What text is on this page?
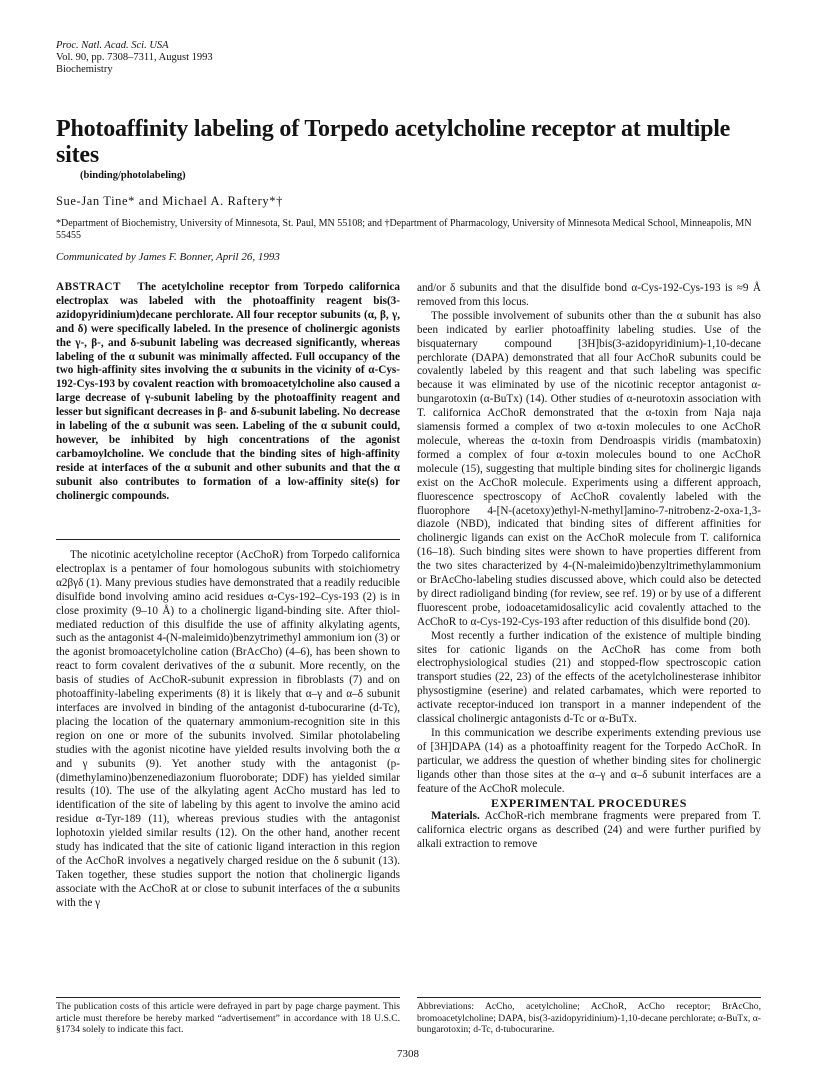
Proc. Natl. Acad. Sci. USA
Vol. 90, pp. 7308–7311, August 1993
Biochemistry
Photoaffinity labeling of Torpedo acetylcholine receptor at multiple sites
(binding/photolabeling)
Sue-Jan Tine* and Michael A. Raftery*†
*Department of Biochemistry, University of Minnesota, St. Paul, MN 55108; and †Department of Pharmacology, University of Minnesota Medical School, Minneapolis, MN 55455
Communicated by James F. Bonner, April 26, 1993

ABSTRACT The acetylcholine receptor from Torpedo californica electroplax was labeled with the photoaffinity reagent bis(3-azidopyridinium)decane perchlorate. All four receptor subunits (α, β, γ, and δ) were specifically labeled. In the presence of cholinergic agonists the γ-, β-, and δ-subunit labeling was decreased significantly, whereas labeling of the α subunit was minimally affected. Full occupancy of the two high-affinity sites involving the α subunits in the vicinity of α-Cys-192-Cys-193 by covalent reaction with bromoacetylcholine also caused a large decrease of γ-subunit labeling by the photoaffinity reagent and lesser but significant decreases in β- and δ-subunit labeling. No decrease in labeling of the α subunit was seen. Labeling of the α subunit could, however, be inhibited by high concentrations of the agonist carbamoylcholine. We conclude that the binding sites of high-affinity reside at interfaces of the α subunit and other subunits and that the α subunit also contributes to formation of a low-affinity site(s) for cholinergic compounds.

The nicotinic acetylcholine receptor (AcChoR) from Torpedo californica electroplax is a pentamer of four homologous subunits with stoichiometry α2βγδ (1). Many previous studies have demonstrated that a readily reducible disulfide bond involving amino acid residues α-Cys-192–Cys-193 (2) is in close proximity (9–10 Å) to a cholinergic ligand-binding site. After thiol-mediated reduction of this disulfide the use of affinity alkylating agents, such as the antagonist 4-(N-maleimido)benzytrimethyl ammonium ion (3) or the agonist bromoacetylcholine cation (BrAcCho) (4–6), has been shown to react to form covalent derivatives of the α subunit. More recently, on the basis of studies of AcChoR-subunit expression in fibroblasts (7) and on photoaffinity-labeling experiments (8) it is likely that α–γ and α–δ subunit interfaces are involved in binding of the antagonist d-tubocurarine (d-Tc), placing the location of the quaternary ammonium-recognition site in this region on one or more of the subunits involved. Similar photolabeling studies with the agonist nicotine have yielded results involving both the α and γ subunits (9). Yet another study with the antagonist (p-(dimethylamino)benzenediazonium fluoroborate; DDF) has yielded similar results (10). The use of the alkylating agent AcCho mustard has led to identification of the site of labeling by this agent to involve the amino acid residue α-Tyr-189 (11), whereas previous studies with the antagonist lophotoxin yielded similar results (12). On the other hand, another recent study has indicated that the site of cationic ligand interaction in this region of the AcChoR involves a negatively charged residue on the δ subunit (13). Taken together, these studies support the notion that cholinergic ligands associate with the AcChoR at or close to subunit interfaces of the α subunits with the γ

and/or δ subunits and that the disulfide bond α-Cys-192-Cys-193 is ≈9 Å removed from this locus.

The possible involvement of subunits other than the α subunit has also been indicated by earlier photoaffinity labeling studies. Use of the bisquaternary compound [3H]bis(3-azidopyridinium)-1,10-decane perchlorate (DAPA) demonstrated that all four AcChoR subunits could be covalently labeled by this reagent and that such labeling was specific because it was eliminated by use of the nicotinic receptor antagonist α-bungarotoxin (α-BuTx) (14). Other studies of α-neurotoxin association with T. californica AcChoR demonstrated that the α-toxin from Naja naja siamensis formed a complex of two α-toxin molecules to one AcChoR molecule, whereas the α-toxin from Dendroaspis viridis (mambatoxin) formed a complex of four α-toxin molecules bound to one AcChoR molecule (15), suggesting that multiple binding sites for cholinergic ligands exist on the AcChoR molecule. Experiments using a different approach, fluorescence spectroscopy of AcChoR covalently labeled with the fluorophore 4-[N-(acetoxy)ethyl-N-methyl]amino-7-nitrobenz-2-oxa-1,3-diazole (NBD), indicated that binding sites of different affinities for cholinergic ligands can exist on the AcChoR molecule from T. californica (16–18). Such binding sites were shown to have properties different from the two sites characterized by 4-(N-maleimido)benzyltrimethylammonium or BrAcCho-labeling studies discussed above, which could also be detected by direct radioligand binding (for review, see ref. 19) or by use of a different fluorescent probe, iodoacetamidosalicylic acid covalently attached to the AcChoR to α-Cys-192-Cys-193 after reduction of this disulfide bond (20).

Most recently a further indication of the existence of multiple binding sites for cationic ligands on the AcChoR has come from both electrophysiological studies (21) and stopped-flow spectroscopic cation transport studies (22, 23) of the effects of the acetylcholinesterase inhibitor physostigmine (eserine) and related carbamates, which were reported to activate receptor-induced ion transport in a manner independent of the classical cholinergic antagonists d-Tc or α-BuTx.

In this communication we describe experiments extending previous use of [3H]DAPA (14) as a photoaffinity reagent for the Torpedo AcChoR. In particular, we address the question of whether binding sites for cholinergic ligands other than those sites at the α–γ and α–δ subunit interfaces are a feature of the AcChoR molecule.

EXPERIMENTAL PROCEDURES

Materials. AcChoR-rich membrane fragments were prepared from T. californica electric organs as described (24) and were further purified by alkali extraction to remove

The publication costs of this article were defrayed in part by page charge payment. This article must therefore be hereby marked “advertisement” in accordance with 18 U.S.C. §1734 solely to indicate this fact.
Abbreviations: AcCho, acetylcholine; AcChoR, AcCho receptor; BrAcCho, bromoacetylcholine; DAPA, bis(3-azidopyridinium)-1,10-decane perchlorate; α-BuTx, α-bungarotoxin; d-Tc, d-tubocurarine.
7308
